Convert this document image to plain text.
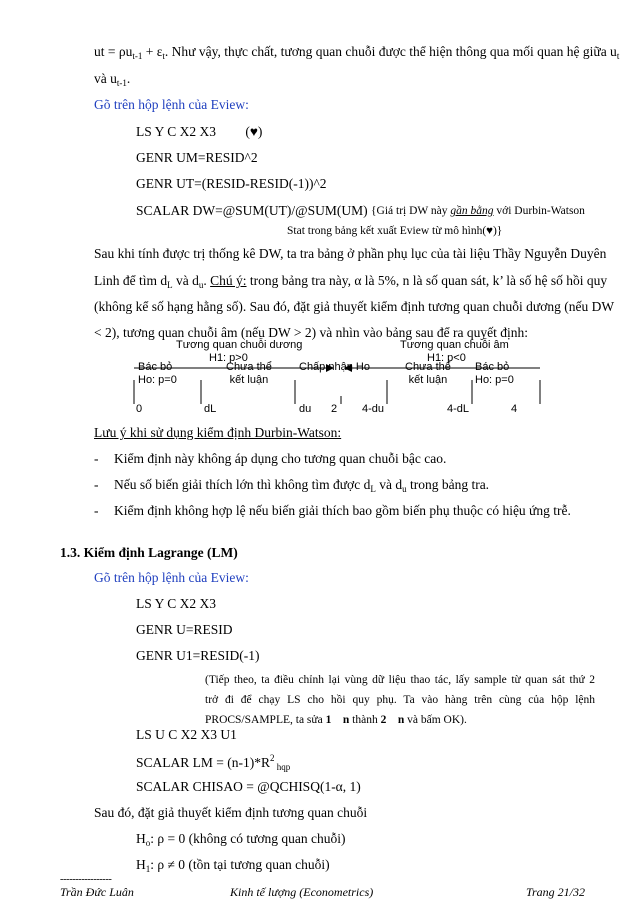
ut = $\rho u_{t-1} + \varepsilon_t$. Như vậy, thực chất, tương quan chuỗi được thể hiện thông qua mối quan hệ giữa $u_t$
và $u_{t-1}$.
Gõ trên hộp lệnh của Eview:
LS Y C X2 X3 (♥)
GENR UM=RESID^2
GENR UT=(RESID-RESID(-1))^2
SCALAR DW=@SUM(UT)/@SUM(UM) {Giá trị DW này gần bằng với Durbin-Watson
Stat trong bảng kết xuất Eview từ mô hình(♥)}
Sau khi tính được trị thống kê DW, ta tra bảng ở phần phụ lục của tài liệu Thầy Nguyễn Duyên
Linh để tìm $d_L$ và $d_u$. Chú ý: trong bảng tra này, α là 5%, n là số quan sát, k’ là số hệ số hồi quy
(không kể số hạng hằng số). Sau đó, đặt giả thuyết kiểm định tương quan chuỗi dương (nếu DW
< 2), tương quan chuỗi âm (nếu DW > 2) và nhìn vào bảng sau để ra quyết định:
Tương quan chuỗi dương
H1: p>0
Tương quan chuỗi âm
H1: p<0
Bác bỏ
Ho: p=0
Chưa thể
kết luận
Chấp nhận Ho	Chưa thể
kết luận
Bác bỏ
Ho: p=0
0	dL	du 2 4-du	4-dL	4
Lưu ý khi sử dụng kiểm định Durbin-Watson:
- Kiểm định này không áp dụng cho tương quan chuỗi bậc cao.
- Nếu số biến giải thích lớn thì không tìm được $d_L$ và $d_u$ trong bảng tra.
- Kiểm định không hợp lệ nếu biến giải thích bao gồm biến phụ thuộc có hiệu ứng trễ.
1.3. Kiểm định Lagrange (LM)
Gõ trên hộp lệnh của Eview:
LS Y C X2 X3
GENR U=RESID
GENR U1=RESID(-1)
(Tiếp theo, ta điều chỉnh lại vùng dữ liệu thao tác, lấy sample từ quan sát thứ 2
trở đi để chạy LS cho hồi quy phụ. Ta vào hàng trên cùng của hộp lệnh
PROCS/SAMPLE, ta sửa 1    n thành 2    n và bấm OK).
LS U C X2 X3 U1
SCALAR LM = $(n-1)*R^2$ $_{hqp}$
SCALAR CHISAO = @QCHISQ(1-α, 1)
Sau đó, đặt giả thuyết kiểm định tương quan chuỗi
$H_o$: ρ = 0 (không có tương quan chuỗi)
$H_1$: ρ ≠ 0 (tồn tại tương quan chuỗi)
-----------------
Trần Đức Luân	Kinh tế lượng (Econometrics)	Trang 21/32
